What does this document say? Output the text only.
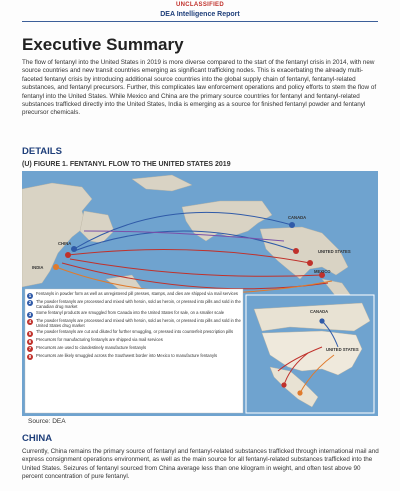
UNCLASSIFIED
DEA Intelligence Report
Executive Summary

The flow of fentanyl into the United States in 2019 is more diverse compared to the start of the fentanyl crisis in 2014, with new source countries and new transit countries emerging as significant trafficking nodes. This is exacerbating the already multi-faceted fentanyl crisis by introducing additional source countries into the global supply chain of fentanyl, fentanyl-related substances, and fentanyl precursors. Further, this complicates law enforcement operations and policy efforts to stem the flow of fentanyl into the United States. While Mexico and China are the primary source countries for fentanyl and fentanyl-related substances trafficked directly into the United States, India is emerging as a source for finished fentanyl powder and fentanyl precursor chemicals.

DETAILS
(U) FIGURE 1. FENTANYL FLOW TO THE UNITED STATES 2019
CANADA
UNITED STATES
MEXICO
CHINA
INDIA
CANADA
UNITED STATES
1	Fentanyls in powder form as well as unregistered pill presses, stamps, and dies are shipped via mail services
2	The powder fentanyls are processed and mixed with heroin, sold as heroin, or pressed into pills and sold in the Canadian drug market
3	Some fentanyl products are smuggled from Canada into the United States for sale, on a smaller scale
4	The powder fentanyls are processed and mixed with heroin, sold as heroin, or pressed into pills and sold in the United States drug market
5	The powder fentanyls are cut and diluted for further smuggling, or pressed into counterfeit prescription pills
6	Precursors for manufacturing fentanyls are shipped via mail services
7	Precursors are used to clandestinely manufacture fentanyls
8	Precursors are likely smuggled across the Southwest border into Mexico to manufacture fentanyls
Source: DEA
CHINA

Currently, China remains the primary source of fentanyl and fentanyl-related substances trafficked through international mail and express consignment operations environment, as well as the main source for all fentanyl-related substances trafficked into the United States. Seizures of fentanyl sourced from China average less than one kilogram in weight, and often test above 90 percent concentration of pure fentanyl.
